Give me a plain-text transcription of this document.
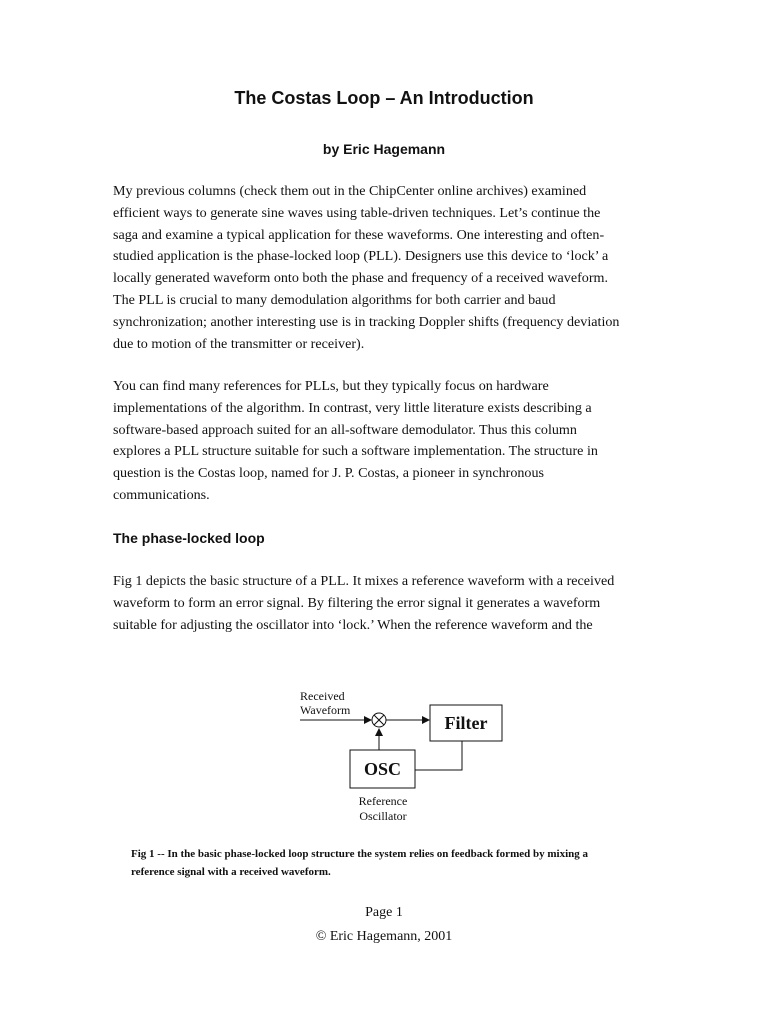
The Costas Loop – An Introduction

by Eric Hagemann

My previous columns (check them out in the ChipCenter online archives) examined
efficient ways to generate sine waves using table-driven techniques. Let’s continue the
saga and examine a typical application for these waveforms. One interesting and often-
studied application is the phase-locked loop (PLL). Designers use this device to ‘lock’ a
locally generated waveform onto both the phase and frequency of a received waveform.
The PLL is crucial to many demodulation algorithms for both carrier and baud
synchronization; another interesting use is in tracking Doppler shifts (frequency deviation
due to motion of the transmitter or receiver).

You can find many references for PLLs, but they typically focus on hardware
implementations of the algorithm. In contrast, very little literature exists describing a
software-based approach suited for an all-software demodulator. Thus this column
explores a PLL structure suitable for such a software implementation. The structure in
question is the Costas loop, named for J. P. Costas, a pioneer in synchronous
communications.

The phase-locked loop

Fig 1 depicts the basic structure of a PLL. It mixes a reference waveform with a received
waveform to form an error signal. By filtering the error signal it generates a waveform
suitable for adjusting the oscillator into ‘lock.’ When the reference waveform and the

Received
Waveform
Filter
OSC
Reference
Oscillator

Fig 1 -- In the basic phase-locked loop structure the system relies on feedback formed by mixing a
reference signal with a received waveform.

Page 1

© Eric Hagemann, 2001
